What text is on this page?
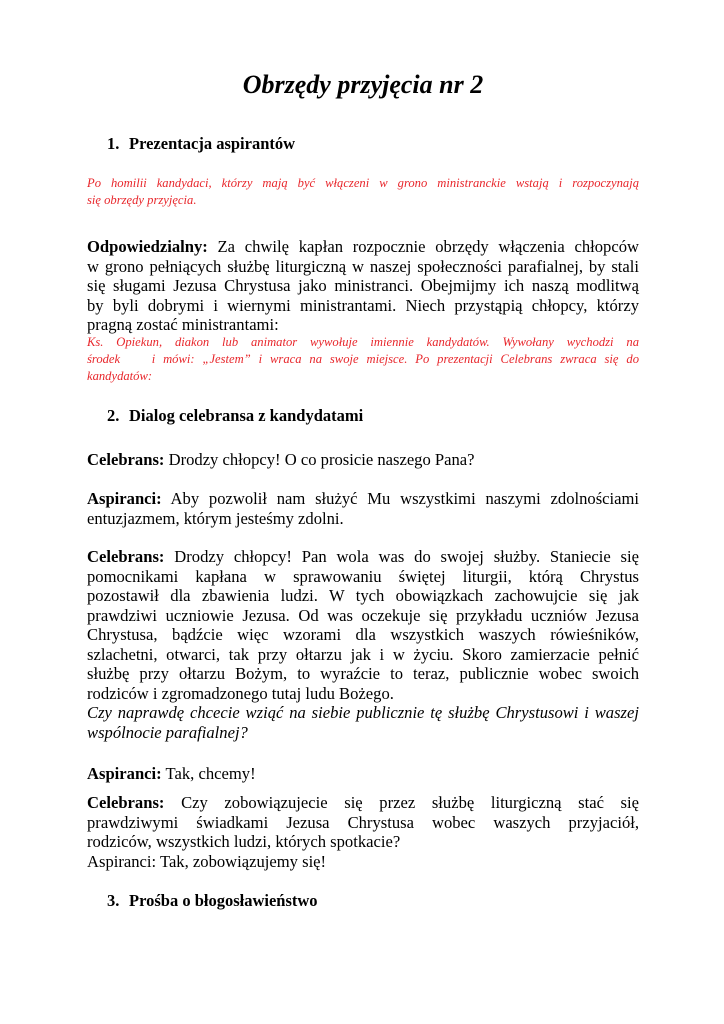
Obrzędy przyjęcia nr 2
1. Prezentacja aspirantów

Po homilii kandydaci, którzy mają być włączeni w grono ministranckie wstają i rozpoczynają
się obrzędy przyjęcia.

Odpowiedzialny: Za chwilę kapłan rozpocznie obrzędy włączenia chłopców
w grono pełniących służbę liturgiczną w naszej społeczności parafialnej, by stali
się sługami Jezusa Chrystusa jako ministranci. Obejmijmy ich naszą modlitwą
by byli dobrymi i wiernymi ministrantami. Niech przystąpią chłopcy, którzy
pragną zostać ministrantami:

Ks. Opiekun, diakon lub animator wywołuje imiennie kandydatów. Wywołany wychodzi na
środek    i mówi: „Jestem” i wraca na swoje miejsce. Po prezentacji Celebrans zwraca się do
kandydatów:

2. Dialog celebransa z kandydatami
Celebrans: Drodzy chłopcy! O co prosicie naszego Pana?
Aspiranci: Aby pozwolił nam służyć Mu wszystkimi naszymi zdolnościami
entuzjazmem, którym jesteśmy zdolni.
Celebrans: Drodzy chłopcy! Pan wola was do swojej służby. Staniecie się
pomocnikami kapłana w sprawowaniu świętej liturgii, którą Chrystus
pozostawił dla zbawienia ludzi. W tych obowiązkach zachowujcie się jak
prawdziwi uczniowie Jezusa. Od was oczekuje się przykładu uczniów Jezusa
Chrystusa, bądźcie więc wzorami dla wszystkich waszych rówieśników,
szlachetni, otwarci, tak przy ołtarzu jak i w życiu. Skoro zamierzacie pełnić
służbę przy ołtarzu Bożym, to wyraźcie to teraz, publicznie wobec swoich
rodziców i zgromadzonego tutaj ludu Bożego.
Czy naprawdę chcecie wziąć na siebie publicznie tę służbę Chrystusowi i waszej
wspólnocie parafialnej?
Aspiranci: Tak, chcemy!
Celebrans: Czy zobowiązujecie się przez służbę liturgiczną stać się
prawdziwymi świadkami Jezusa Chrystusa wobec waszych przyjaciół,
rodziców, wszystkich ludzi, których spotkacie?
Aspiranci: Tak, zobowiązujemy się!
3. Prośba o błogosławieństwo
